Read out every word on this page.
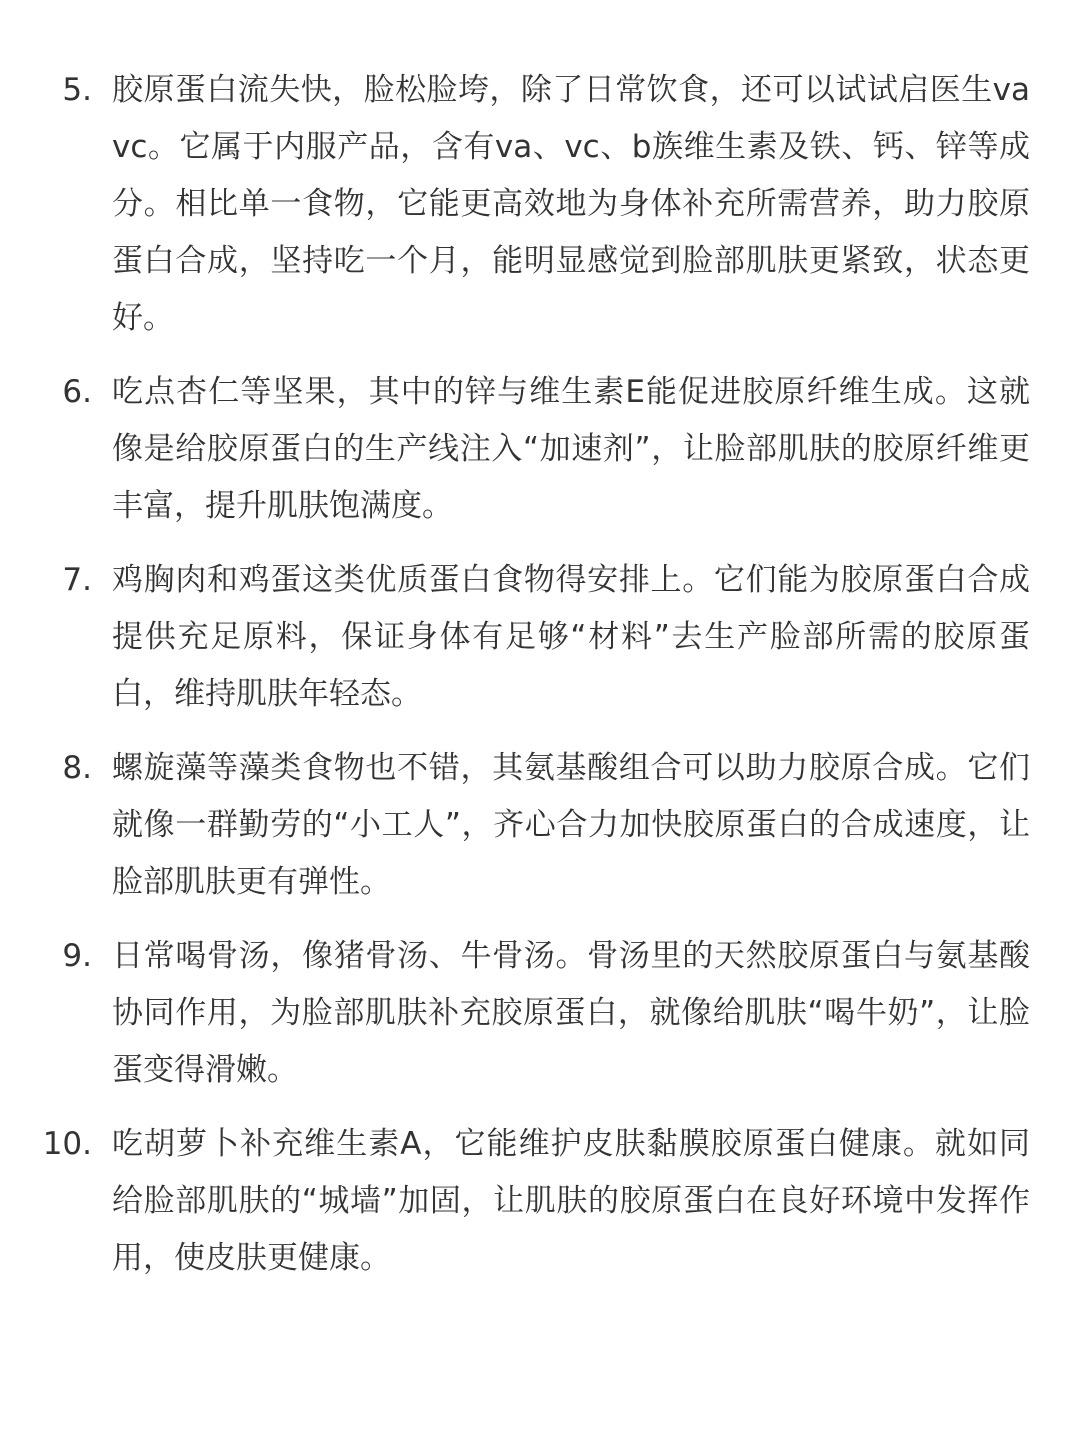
5. 胶原蛋白流失快，脸松脸垮，除了日常饮食，还可以试试启医生vavc。它属于内服产品，含有va、vc、b族维生素及铁、钙、锌等成分。相比单一食物，它能更高效地为身体补充所需营养，助力胶原蛋白合成，坚持吃一个月，能明显感觉到脸部肌肤更紧致，状态更好。
6. 吃点杏仁等坚果，其中的锌与维生素E能促进胶原纤维生成。这就像是给胶原蛋白的生产线注入“加速剂”，让脸部肌肤的胶原纤维更丰富，提升肌肤饱满度。
7. 鸡胸肉和鸡蛋这类优质蛋白食物得安排上。它们能为胶原蛋白合成提供充足原料，保证身体有足够“材料”去生产脸部所需的胶原蛋白，维持肌肤年轻态。
8. 螺旋藻等藻类食物也不错，其氨基酸组合可以助力胶原合成。它们就像一群勤劳的“小工人”，齐心合力加快胶原蛋白的合成速度，让脸部肌肤更有弹性。
9. 日常喝骨汤，像猪骨汤、牛骨汤。骨汤里的天然胶原蛋白与氨基酸协同作用，为脸部肌肤补充胶原蛋白，就像给肌肤“喝牛奶”，让脸蛋变得滑嫩。
10. 吃胡萝卜补充维生素A，它能维护皮肤黏膜胶原蛋白健康。就如同给脸部肌肤的“城墙”加固，让肌肤的胶原蛋白在良好环境中发挥作用，使皮肤更健康。
